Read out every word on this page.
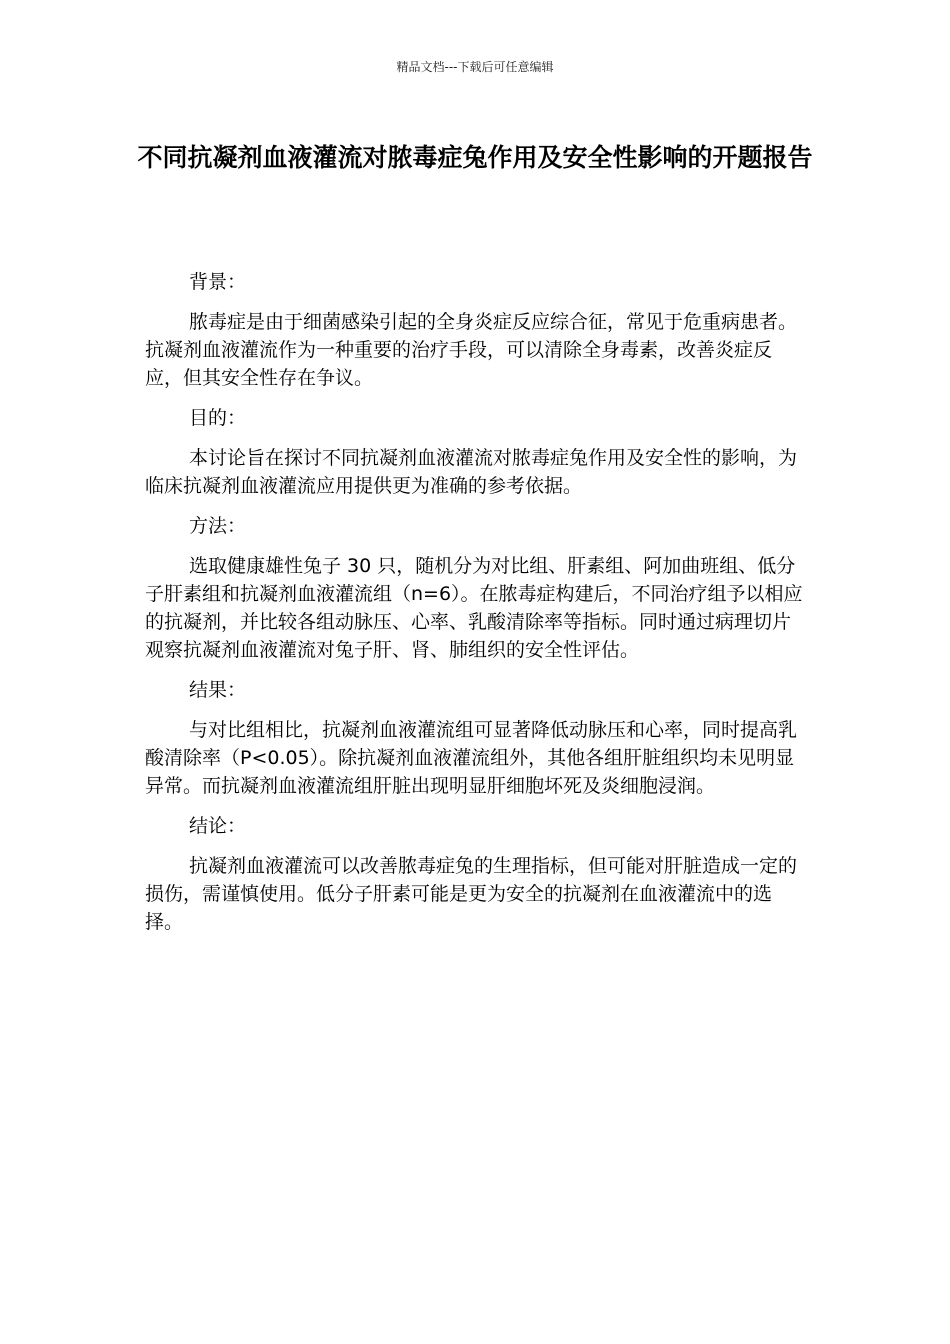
精品文档---下载后可任意编辑
不同抗凝剂血液灌流对脓毒症兔作用及安全性影响的开题报告

背景：

脓毒症是由于细菌感染引起的全身炎症反应综合征，常见于危重病患者。抗凝剂血液灌流作为一种重要的治疗手段，可以清除全身毒素，改善炎症反应，但其安全性存在争议。

目的：

本讨论旨在探讨不同抗凝剂血液灌流对脓毒症兔作用及安全性的影响，为临床抗凝剂血液灌流应用提供更为准确的参考依据。

方法：

选取健康雄性兔子 30 只，随机分为对比组、肝素组、阿加曲班组、低分子肝素组和抗凝剂血液灌流组（n=6）。在脓毒症构建后，不同治疗组予以相应的抗凝剂，并比较各组动脉压、心率、乳酸清除率等指标。同时通过病理切片观察抗凝剂血液灌流对兔子肝、肾、肺组织的安全性评估。

结果：

与对比组相比，抗凝剂血液灌流组可显著降低动脉压和心率，同时提高乳酸清除率（P<0.05）。除抗凝剂血液灌流组外，其他各组肝脏组织均未见明显异常。而抗凝剂血液灌流组肝脏出现明显肝细胞坏死及炎细胞浸润。

结论：

抗凝剂血液灌流可以改善脓毒症兔的生理指标，但可能对肝脏造成一定的损伤，需谨慎使用。低分子肝素可能是更为安全的抗凝剂在血液灌流中的选择。
